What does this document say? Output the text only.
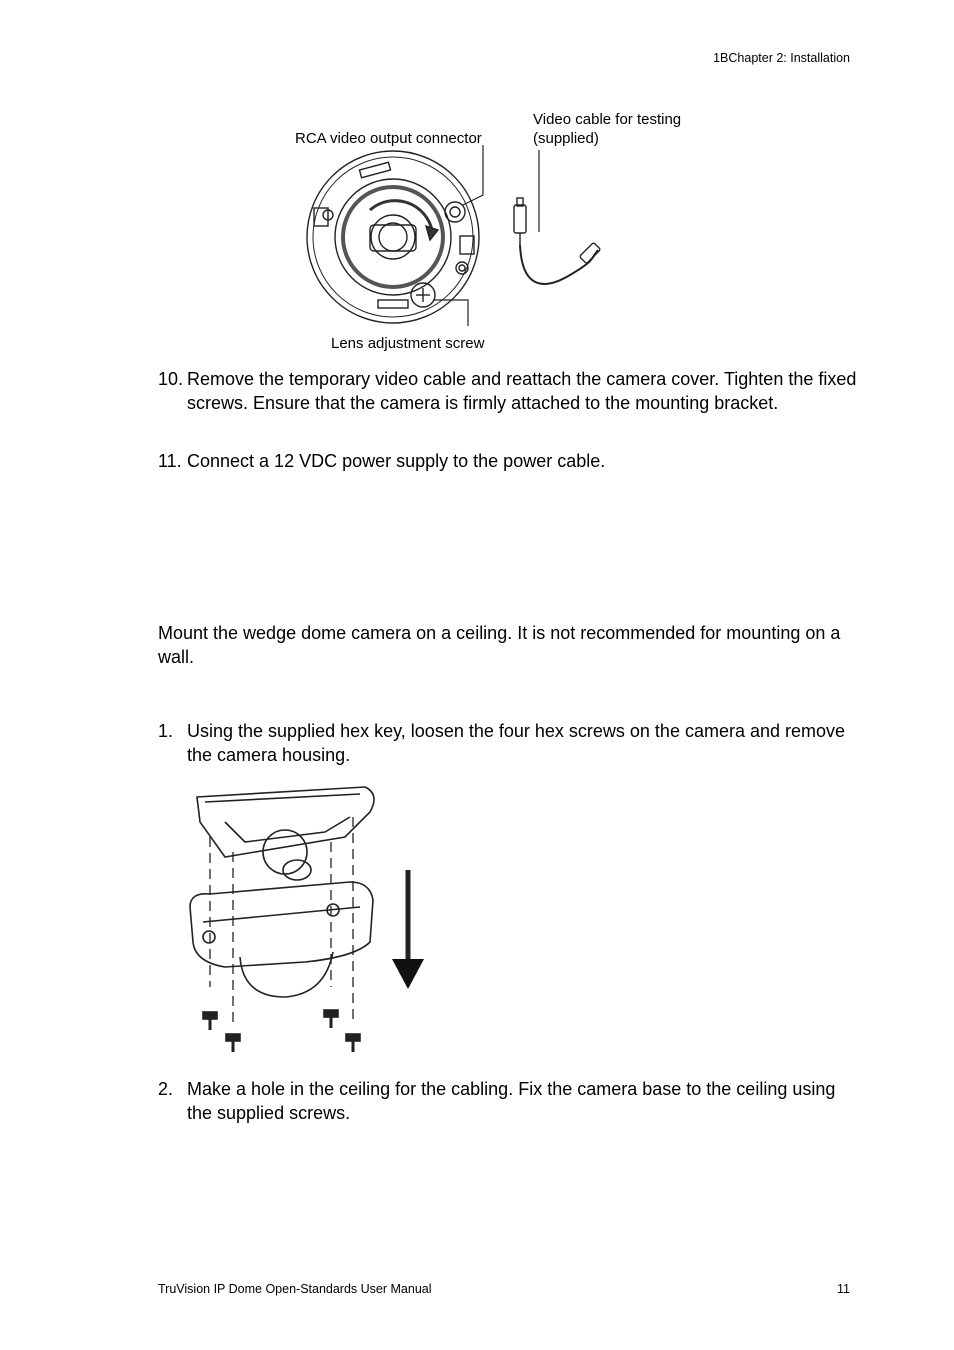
1BChapter 2: Installation
RCA video output connector
Video cable for testing
(supplied)
Lens adjustment screw
10. Remove the temporary video cable and reattach the camera cover. Tighten the fixed screws. Ensure that the camera is firmly attached to the mounting bracket.
11. Connect a 12 VDC power supply to the power cable.
Mount the wedge dome camera on a ceiling. It is not recommended for mounting on a wall.
1. Using the supplied hex key, loosen the four hex screws on the camera and remove the camera housing.
2. Make a hole in the ceiling for the cabling. Fix the camera base to the ceiling using the supplied screws.
TruVision IP Dome Open-Standards User Manual	11
